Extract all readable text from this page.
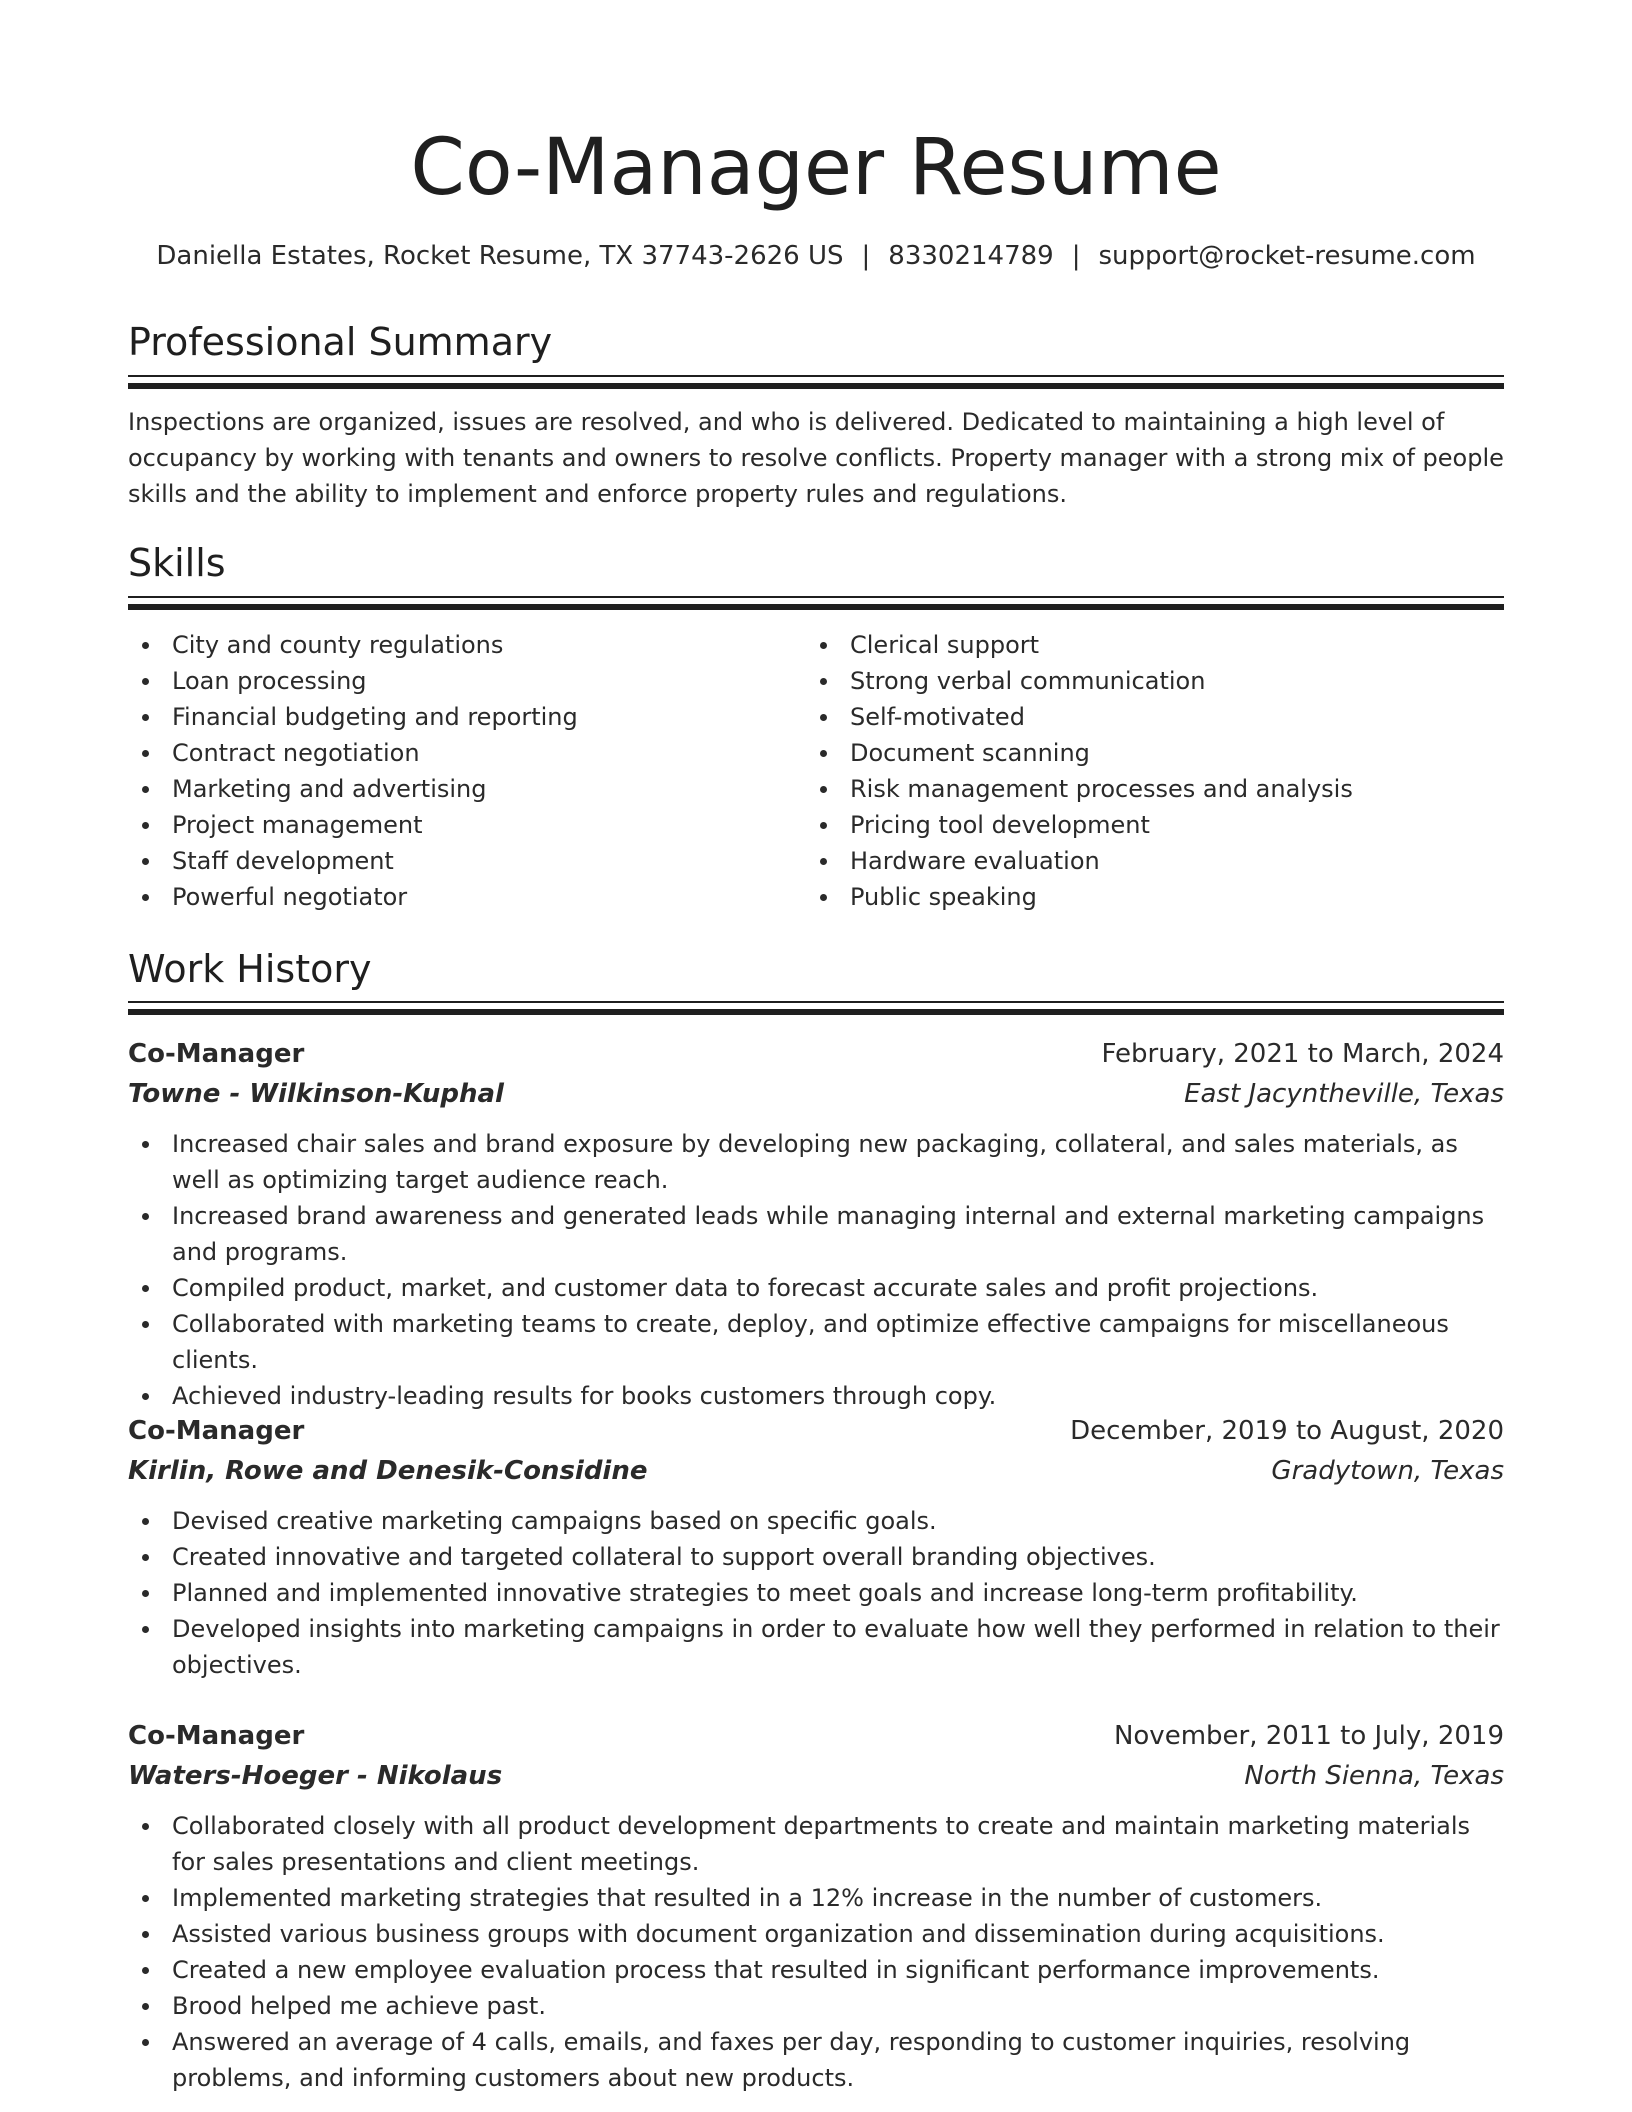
Co-Manager Resume
Daniella Estates, Rocket Resume, TX 37743-2626 US | 8330214789 | support@rocket-resume.com
Professional Summary

Inspections are organized, issues are resolved, and who is delivered. Dedicated to maintaining a high level of occupancy by working with tenants and owners to resolve conflicts. Property manager with a strong mix of people skills and the ability to implement and enforce property rules and regulations.

Skills
City and county regulations
Loan processing
Financial budgeting and reporting
Contract negotiation
Marketing and advertising
Project management
Staff development
Powerful negotiator
Clerical support
Strong verbal communication
Self-motivated
Document scanning
Risk management processes and analysis
Pricing tool development
Hardware evaluation
Public speaking
Work History
Co-Manager	February, 2021 to March, 2024
Towne - Wilkinson-Kuphal	East Jacyntheville, Texas
Increased chair sales and brand exposure by developing new packaging, collateral, and sales materials, as well as optimizing target audience reach.
Increased brand awareness and generated leads while managing internal and external marketing campaigns and programs.
Compiled product, market, and customer data to forecast accurate sales and profit projections.
Collaborated with marketing teams to create, deploy, and optimize effective campaigns for miscellaneous clients.
Achieved industry-leading results for books customers through copy.
Co-Manager	December, 2019 to August, 2020
Kirlin, Rowe and Denesik-Considine	Gradytown, Texas
Devised creative marketing campaigns based on specific goals.
Created innovative and targeted collateral to support overall branding objectives.
Planned and implemented innovative strategies to meet goals and increase long-term profitability.
Developed insights into marketing campaigns in order to evaluate how well they performed in relation to their objectives.
Co-Manager	November, 2011 to July, 2019
Waters-Hoeger - Nikolaus	North Sienna, Texas
Collaborated closely with all product development departments to create and maintain marketing materials for sales presentations and client meetings.
Implemented marketing strategies that resulted in a 12% increase in the number of customers.
Assisted various business groups with document organization and dissemination during acquisitions.
Created a new employee evaluation process that resulted in significant performance improvements.
Brood helped me achieve past.
Answered an average of 4 calls, emails, and faxes per day, responding to customer inquiries, resolving problems, and informing customers about new products.
